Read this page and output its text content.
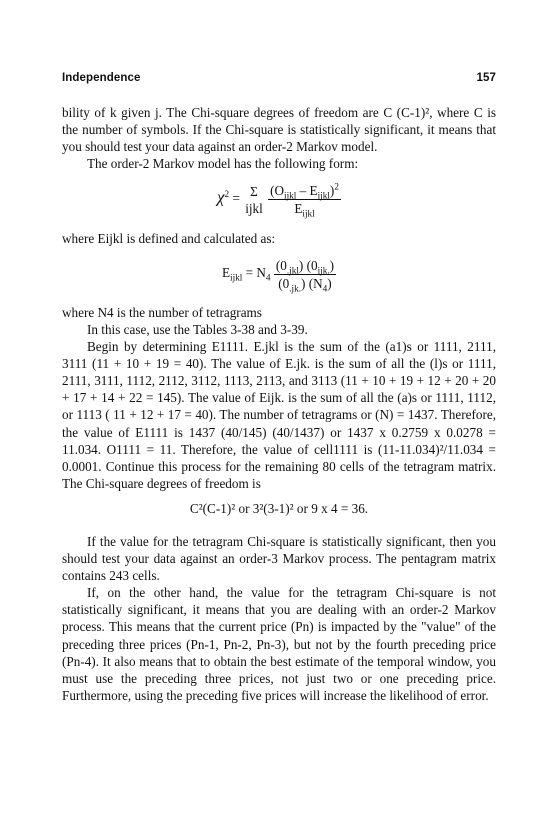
Independence	157

bility of k given j. The Chi-square degrees of freedom are C (C-1)², where C is the number of symbols. If the Chi-square is statistically significant, it means that you should test your data against an order-2 Markov model.

The order-2 Markov model has the following form:

$\chi^2 = \Sigma$
ijkl
$\frac{(O_{ijkl} - E_{ijkl})^2}{E_{ijkl}}$

where Eijkl is defined and calculated as:

$E_{ijkl} = N_4 \frac{(0_{.jkl}) (0_{ijk.})}{(0_{.jk.}) (N_4)}$

where N4 is the number of tetragrams

In this case, use the Tables 3-38 and 3-39.

Begin by determining E1111. E.jkl is the sum of the (a1)s or 1111, 2111, 3111 (11 + 10 + 19 = 40). The value of E.jk. is the sum of all the (l)s or 1111, 2111, 3111, 1112, 2112, 3112, 1113, 2113, and 3113 (11 + 10 + 19 + 12 + 20 + 20 + 17 + 14 + 22 = 145). The value of Eijk. is the sum of all the (a)s or 1111, 1112, or 1113 ( 11 + 12 + 17 = 40). The number of tetragrams or (N) = 1437. Therefore, the value of E1111 is 1437 (40/145) (40/1437) or 1437 x 0.2759 x 0.0278 = 11.034. O1111 = 11. Therefore, the value of cell1111 is (11-11.034)²/11.034 = 0.0001. Continue this process for the remaining 80 cells of the tetragram matrix. The Chi-square degrees of freedom is

C²(C-1)² or 3²(3-1)² or 9 x 4 = 36.

If the value for the tetragram Chi-square is statistically significant, then you should test your data against an order-3 Markov process. The pentagram matrix contains 243 cells.

If, on the other hand, the value for the tetragram Chi-square is not statistically significant, it means that you are dealing with an order-2 Markov process. This means that the current price (Pn) is impacted by the "value" of the preceding three prices (Pn-1, Pn-2, Pn-3), but not by the fourth preceding price (Pn-4). It also means that to obtain the best estimate of the temporal window, you must use the preceding three prices, not just two or one preceding price. Furthermore, using the preceding five prices will increase the likelihood of error.
